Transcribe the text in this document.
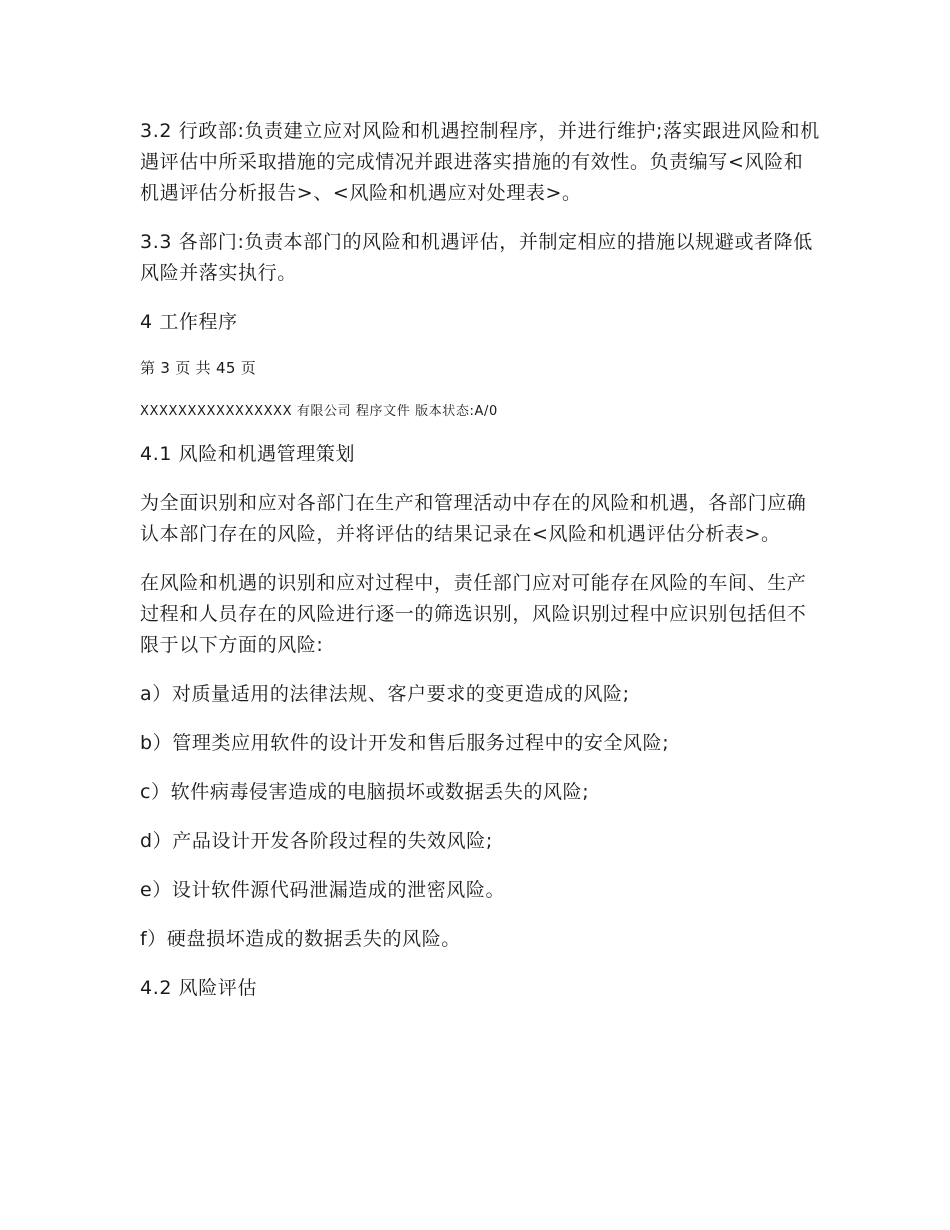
3.2 行政部:负责建立应对风险和机遇控制程序，并进行维护;落实跟进风险和机遇评估中所采取措施的完成情况并跟进落实措施的有效性。负责编写<风险和机遇评估分析报告>、<风险和机遇应对处理表>。

3.3 各部门:负责本部门的风险和机遇评估，并制定相应的措施以规避或者降低风险并落实执行。

4 工作程序

第 3 页 共 45 页

XXXXXXXXXXXXXXXX 有限公司 程序文件 版本状态:A/0

4.1 风险和机遇管理策划

为全面识别和应对各部门在生产和管理活动中存在的风险和机遇，各部门应确认本部门存在的风险，并将评估的结果记录在<风险和机遇评估分析表>。

在风险和机遇的识别和应对过程中，责任部门应对可能存在风险的车间、生产过程和人员存在的风险进行逐一的筛选识别，风险识别过程中应识别包括但不限于以下方面的风险:

a）对质量适用的法律法规、客户要求的变更造成的风险;

b）管理类应用软件的设计开发和售后服务过程中的安全风险;

c）软件病毒侵害造成的电脑损坏或数据丢失的风险;

d）产品设计开发各阶段过程的失效风险;

e）设计软件源代码泄漏造成的泄密风险。

f）硬盘损坏造成的数据丢失的风险。

4.2 风险评估
